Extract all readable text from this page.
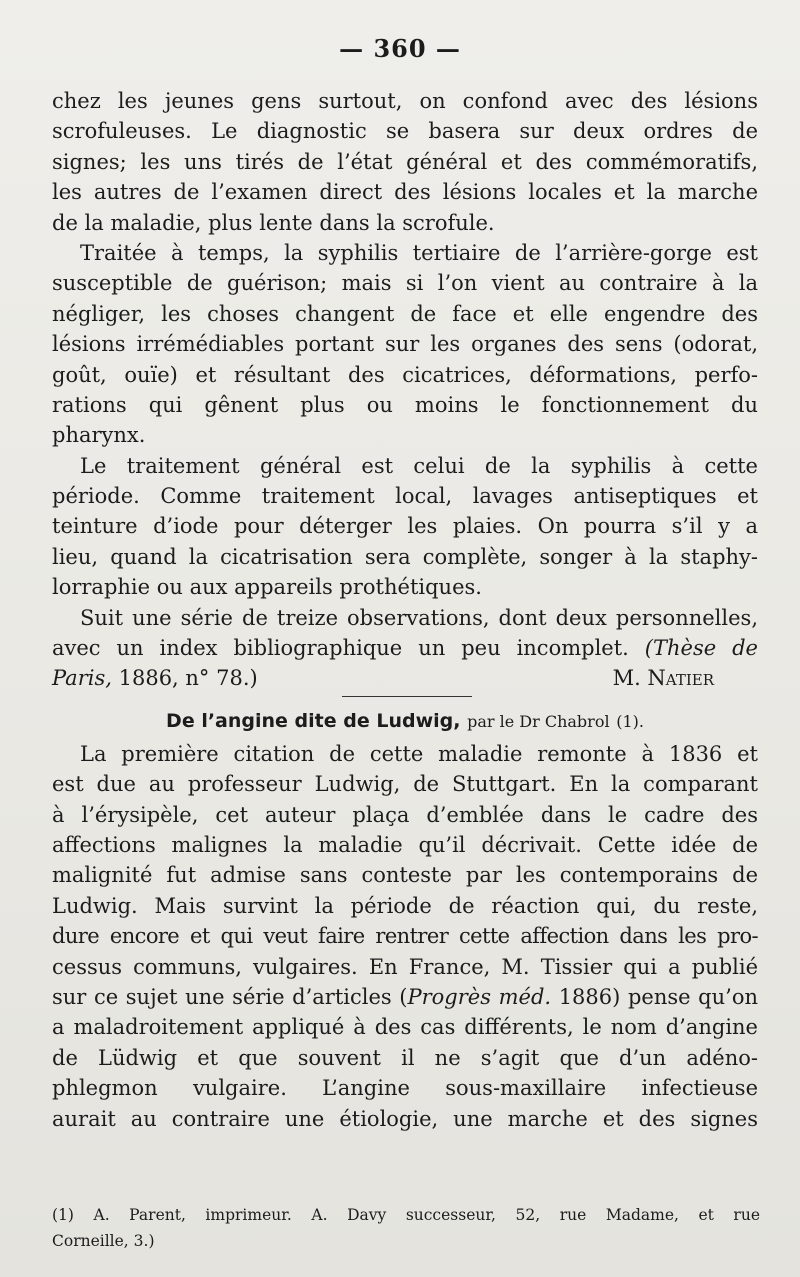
— 360 —
chez les jeunes gens surtout, on confond avec des lésions
scrofuleuses. Le diagnostic se basera sur deux ordres de
signes; les uns tirés de l’état général et des commémoratifs,
les autres de l’examen direct des lésions locales et la marche
de la maladie, plus lente dans la scrofule.
Traitée à temps, la syphilis tertiaire de l’arrière-gorge est
susceptible de guérison; mais si l’on vient au contraire à la
négliger, les choses changent de face et elle engendre des
lésions irrémédiables portant sur les organes des sens (odorat,
goût, ouïe) et résultant des cicatrices, déformations, perfo-
rations qui gênent plus ou moins le fonctionnement du
pharynx.
Le traitement général est celui de la syphilis à cette
période. Comme traitement local, lavages antiseptiques et
teinture d’iode pour déterger les plaies. On pourra s’il y a
lieu, quand la cicatrisation sera complète, songer à la staphy-
lorraphie ou aux appareils prothétiques.
Suit une série de treize observations, dont deux personnelles,
avec un index bibliographique un peu incomplet. (Thèse de
Paris, 1886, n° 78.)	M. Natier
De l’angine dite de Ludwig, par le Dr Chabrol (1).
La première citation de cette maladie remonte à 1836 et
est due au professeur Ludwig, de Stuttgart. En la comparant
à l’érysipèle, cet auteur plaça d’emblée dans le cadre des
affections malignes la maladie qu’il décrivait. Cette idée de
malignité fut admise sans conteste par les contemporains de
Ludwig. Mais survint la période de réaction qui, du reste,
dure encore et qui veut faire rentrer cette affection dans les pro-
cessus communs, vulgaires. En France, M. Tissier qui a publié
sur ce sujet une série d’articles (Progrès méd. 1886) pense qu’on
a maladroitement appliqué à des cas différents, le nom d’angine
de Lüdwig et que souvent il ne s’agit que d’un adéno-
phlegmon vulgaire. L’angine sous-maxillaire infectieuse
aurait au contraire une étiologie, une marche et des signes
(1) A. Parent, imprimeur. A. Davy successeur, 52, rue Madame, et rue
Corneille, 3.)
